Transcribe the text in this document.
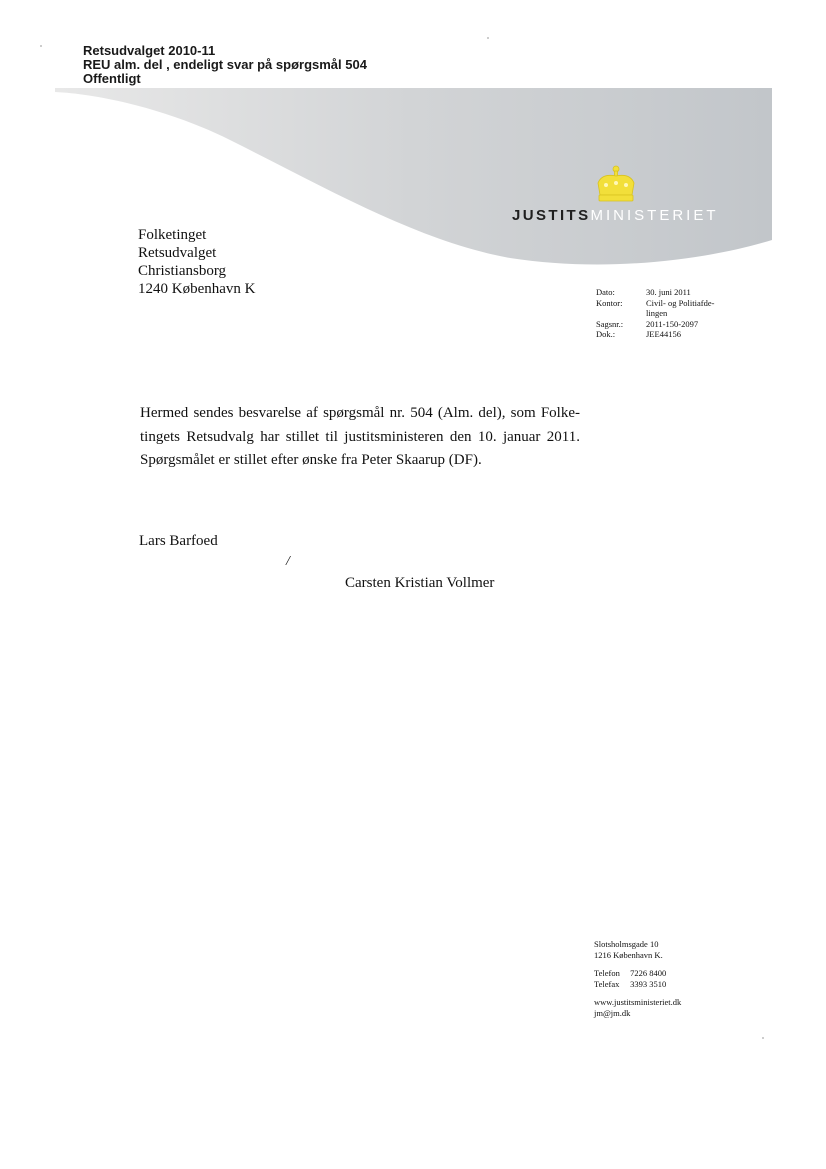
JUSTITSMINISTERIET
Retsudvalget 2010-11
REU alm. del , endeligt svar på spørgsmål 504
Offentligt
Folketinget
Retsudvalget
Christiansborg
1240 København K	Dato:	30. juni 2011
Kontor:	Civil- og Politiafde-
	lingen
Sagsnr.:	2011-150-2097
Dok.:	JEE44156
Hermed sendes besvarelse af spørgsmål nr. 504 (Alm. del), som Folke-tingets Retsudvalg har stillet til justitsministeren den 10. januar 2011. Spørgsmålet er stillet efter ønske fra Peter Skaarup (DF).
Lars Barfoed
/
Carsten Kristian Vollmer
Slotsholmsgade 10
1216 København K.
Telefon 7226 8400
Telefax 3393 3510
www.justitsministeriet.dk
jm@jm.dk
